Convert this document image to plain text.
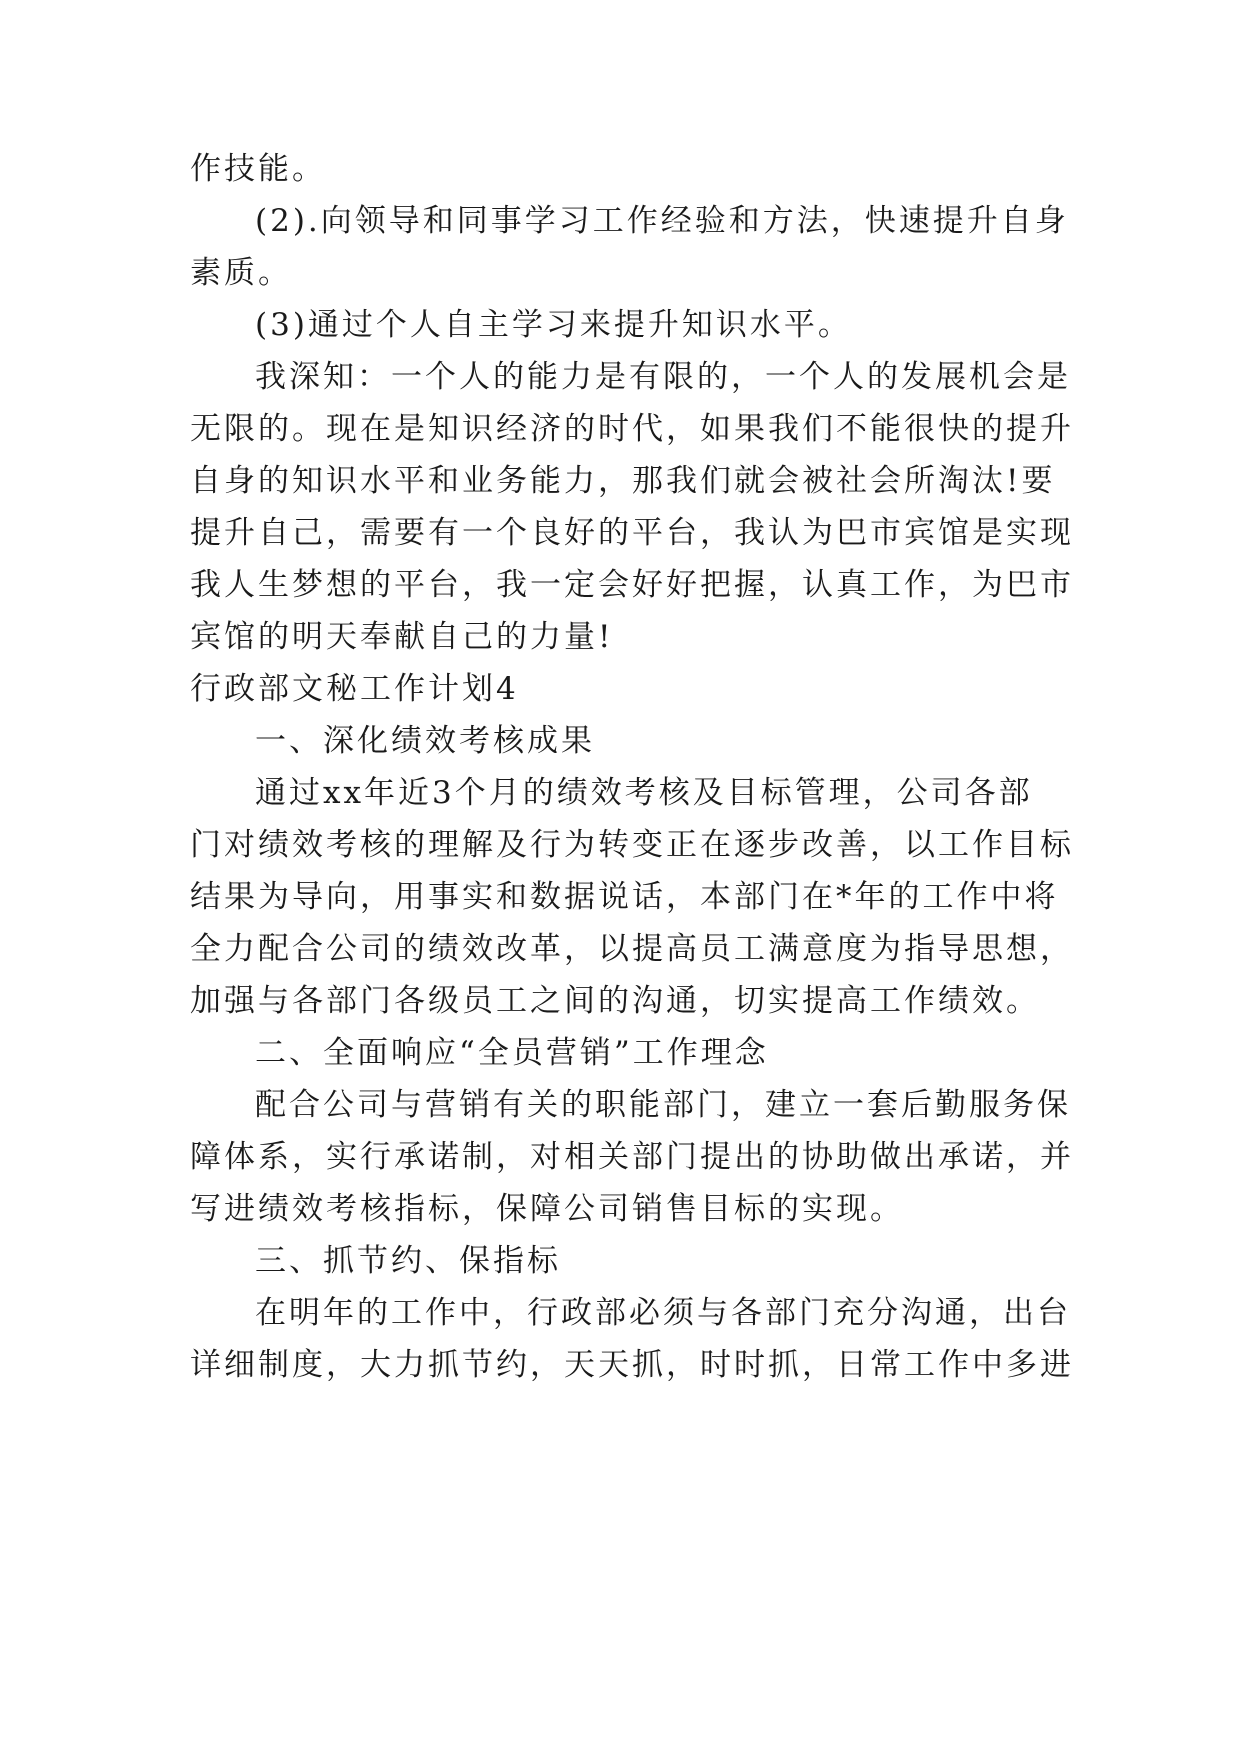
作技能。
(2).向领导和同事学习工作经验和方法，快速提升自身
素质。
(3)通过个人自主学习来提升知识水平。
我深知：一个人的能力是有限的，一个人的发展机会是
无限的。现在是知识经济的时代，如果我们不能很快的提升
自身的知识水平和业务能力，那我们就会被社会所淘汰!要
提升自己，需要有一个良好的平台，我认为巴市宾馆是实现
我人生梦想的平台，我一定会好好把握，认真工作，为巴市
宾馆的明天奉献自己的力量!
行政部文秘工作计划4
一、深化绩效考核成果
通过xx年近3个月的绩效考核及目标管理，公司各部
门对绩效考核的理解及行为转变正在逐步改善，以工作目标
结果为导向，用事实和数据说话，本部门在*年的工作中将
全力配合公司的绩效改革，以提高员工满意度为指导思想，
加强与各部门各级员工之间的沟通，切实提高工作绩效。
二、全面响应“全员营销”工作理念
配合公司与营销有关的职能部门，建立一套后勤服务保
障体系，实行承诺制，对相关部门提出的协助做出承诺，并
写进绩效考核指标，保障公司销售目标的实现。
三、抓节约、保指标
在明年的工作中，行政部必须与各部门充分沟通，出台
详细制度，大力抓节约，天天抓，时时抓，日常工作中多进
